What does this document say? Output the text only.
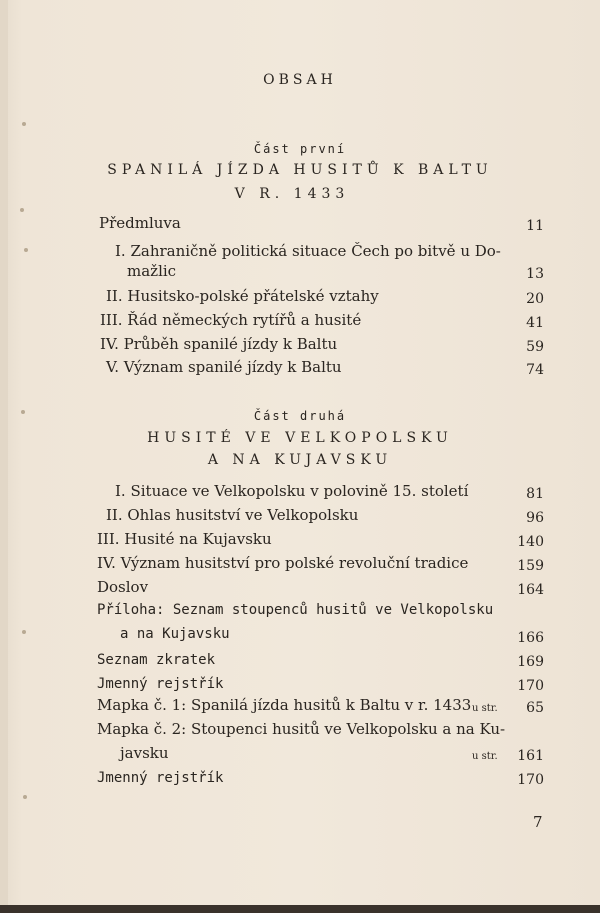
OBSAH
Část první
SPANILÁ JÍZDA HUSITŮ K BALTU
V R. 1433
Předmluva	11
I. Zahraničně politická situace Čech po bitvě u Do-
mažlic	13
II. Husitsko-polské přátelské vztahy	20
III. Řád německých rytířů a husité	41
IV. Průběh spanilé jízdy k Baltu	59
V. Význam spanilé jízdy k Baltu	74
Část druhá
HUSITÉ VE VELKOPOLSKU
A NA KUJAVSKU
I. Situace ve Velkopolsku v polovině 15. století	81
II. Ohlas husitství ve Velkopolsku	96
III. Husité na Kujavsku	140
IV. Význam husitství pro polské revoluční tradice	159
Doslov	164
Příloha: Seznam stoupenců husitů ve Velkopolsku
a na Kujavsku	166
Seznam zkratek	169
Jmenný rejstřík	170
Mapka č. 1: Spanilá jízda husitů k Baltu v r. 1433 u str. 65
Mapka č. 2: Stoupenci husitů ve Velkopolsku a na Ku-
javsku	u str. 161
Jmenný rejstřík	170
7
